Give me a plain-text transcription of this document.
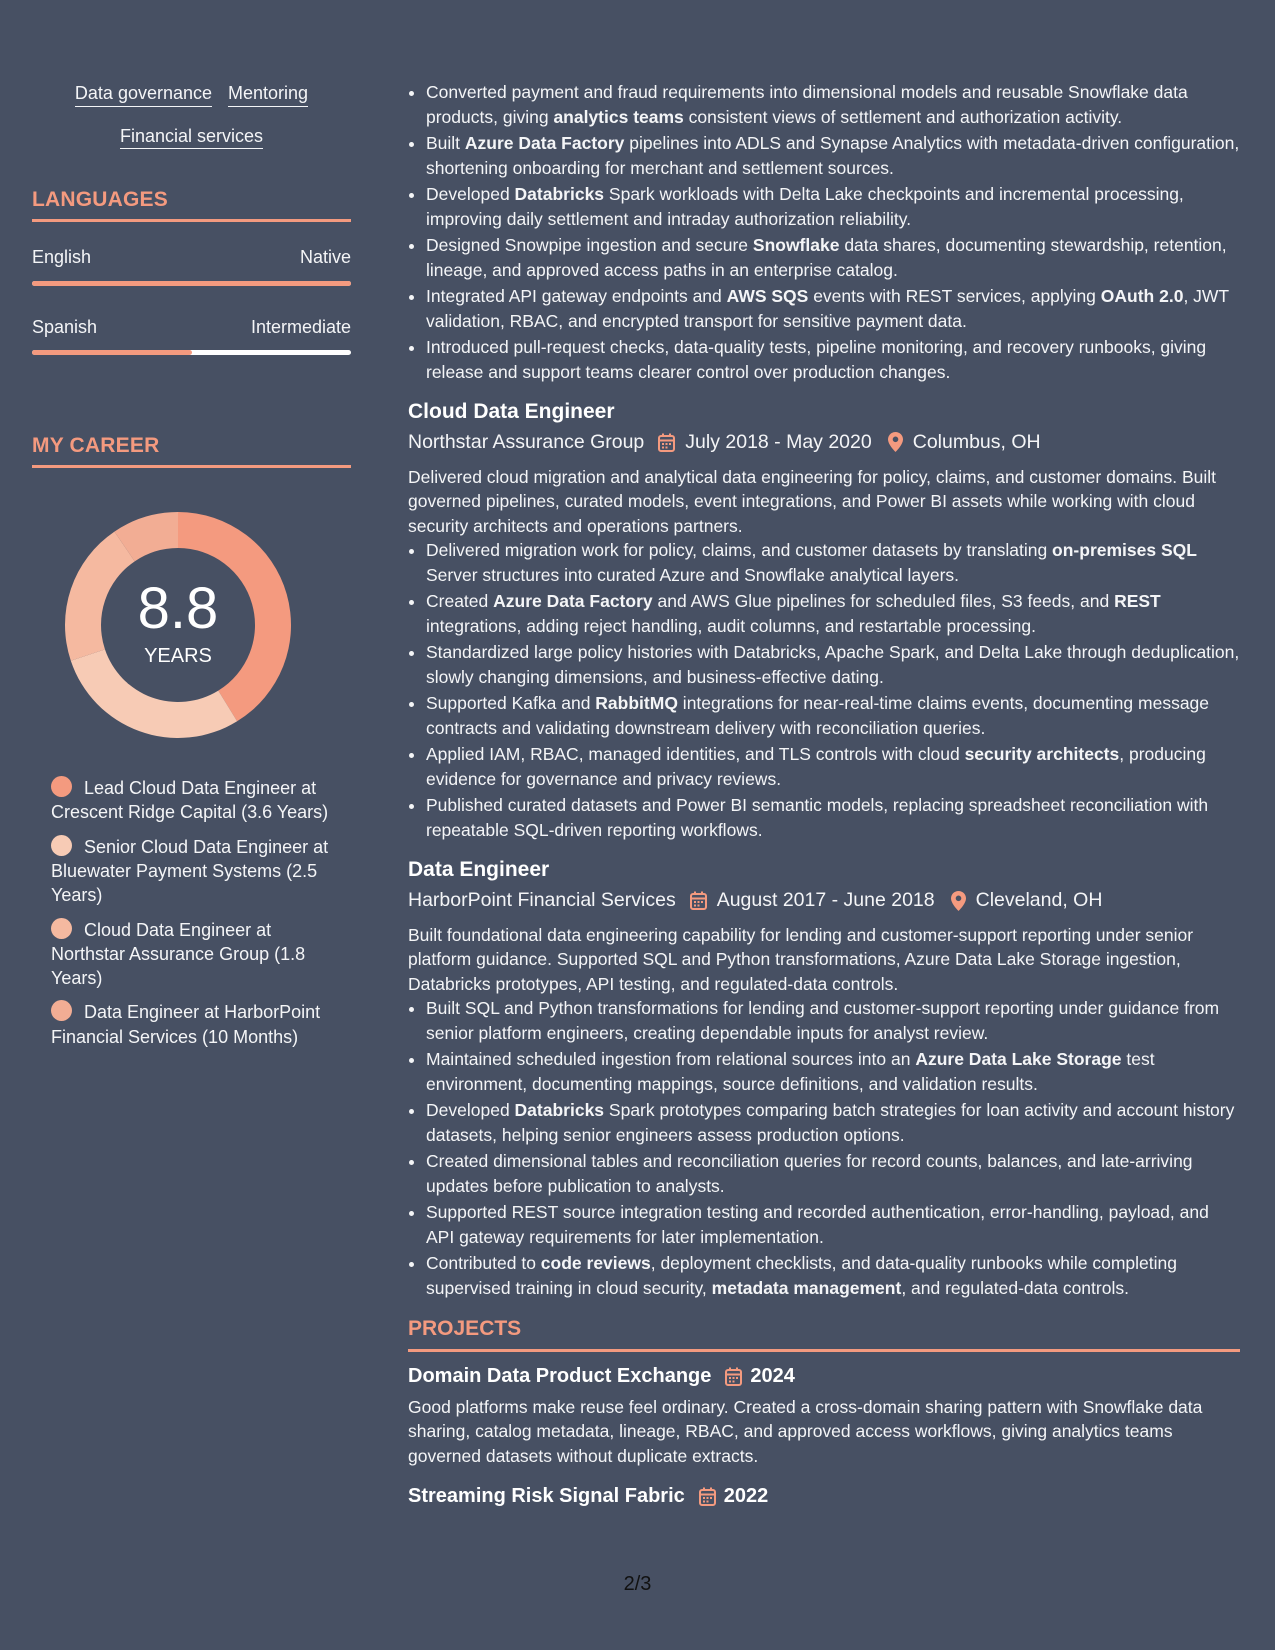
Data governance Mentoring
Financial services
LANGUAGES
English	Native
Spanish	Intermediate
MY CAREER
8.8
YEARS
Lead Cloud Data Engineer at Crescent Ridge Capital (3.6 Years)
Senior Cloud Data Engineer at Bluewater Payment Systems (2.5 Years)
Cloud Data Engineer at Northstar Assurance Group (1.8 Years)
Data Engineer at HarborPoint Financial Services (10 Months)
• Converted payment and fraud requirements into dimensional models and reusable Snowflake data products, giving analytics teams consistent views of settlement and authorization activity.
• Built Azure Data Factory pipelines into ADLS and Synapse Analytics with metadata-driven configuration, shortening onboarding for merchant and settlement sources.
• Developed Databricks Spark workloads with Delta Lake checkpoints and incremental processing, improving daily settlement and intraday authorization reliability.
• Designed Snowpipe ingestion and secure Snowflake data shares, documenting stewardship, retention, lineage, and approved access paths in an enterprise catalog.
• Integrated API gateway endpoints and AWS SQS events with REST services, applying OAuth 2.0, JWT validation, RBAC, and encrypted transport for sensitive payment data.
• Introduced pull-request checks, data-quality tests, pipeline monitoring, and recovery runbooks, giving release and support teams clearer control over production changes.
Cloud Data Engineer
Northstar Assurance Group July 2018 - May 2020 Columbus, OH

Delivered cloud migration and analytical data engineering for policy, claims, and customer domains. Built governed pipelines, curated models, event integrations, and Power BI assets while working with cloud security architects and operations partners.

• Delivered migration work for policy, claims, and customer datasets by translating on-premises SQL Server structures into curated Azure and Snowflake analytical layers.
• Created Azure Data Factory and AWS Glue pipelines for scheduled files, S3 feeds, and REST integrations, adding reject handling, audit columns, and restartable processing.
• Standardized large policy histories with Databricks, Apache Spark, and Delta Lake through deduplication, slowly changing dimensions, and business-effective dating.
• Supported Kafka and RabbitMQ integrations for near-real-time claims events, documenting message contracts and validating downstream delivery with reconciliation queries.
• Applied IAM, RBAC, managed identities, and TLS controls with cloud security architects, producing evidence for governance and privacy reviews.
• Published curated datasets and Power BI semantic models, replacing spreadsheet reconciliation with repeatable SQL-driven reporting workflows.
Data Engineer
HarborPoint Financial Services August 2017 - June 2018 Cleveland, OH

Built foundational data engineering capability for lending and customer-support reporting under senior platform guidance. Supported SQL and Python transformations, Azure Data Lake Storage ingestion, Databricks prototypes, API testing, and regulated-data controls.

• Built SQL and Python transformations for lending and customer-support reporting under guidance from senior platform engineers, creating dependable inputs for analyst review.
• Maintained scheduled ingestion from relational sources into an Azure Data Lake Storage test environment, documenting mappings, source definitions, and validation results.
• Developed Databricks Spark prototypes comparing batch strategies for loan activity and account history datasets, helping senior engineers assess production options.
• Created dimensional tables and reconciliation queries for record counts, balances, and late-arriving updates before publication to analysts.
• Supported REST source integration testing and recorded authentication, error-handling, payload, and API gateway requirements for later implementation.
• Contributed to code reviews, deployment checklists, and data-quality runbooks while completing supervised training in cloud security, metadata management, and regulated-data controls.
PROJECTS
Domain Data Product Exchange 2024

Good platforms make reuse feel ordinary. Created a cross-domain sharing pattern with Snowflake data sharing, catalog metadata, lineage, RBAC, and approved access workflows, giving analytics teams governed datasets without duplicate extracts.

Streaming Risk Signal Fabric 2022
2/3
